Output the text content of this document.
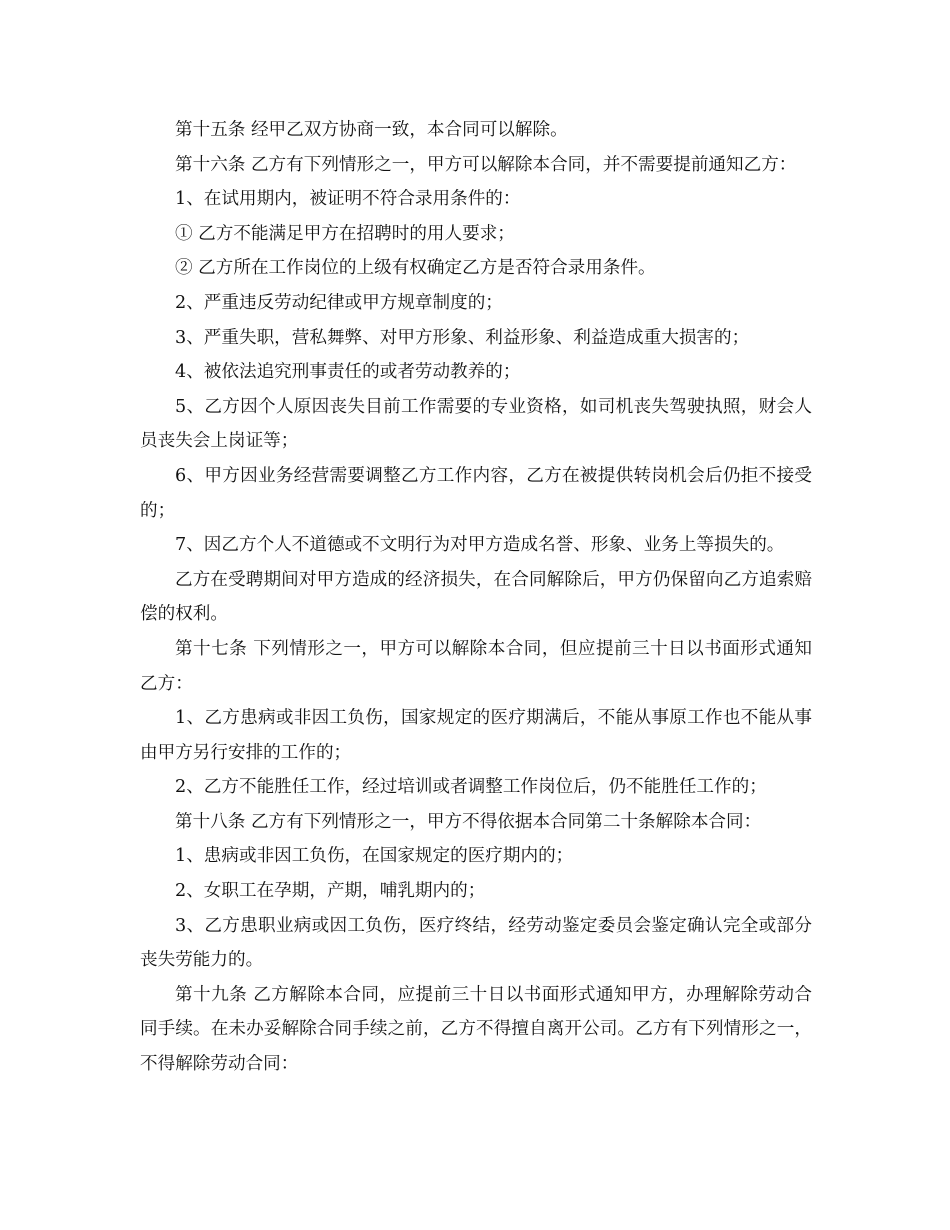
第十五条 经甲乙双方协商一致，本合同可以解除。

第十六条 乙方有下列情形之一，甲方可以解除本合同，并不需要提前通知乙方：

1、在试用期内，被证明不符合录用条件的：

① 乙方不能满足甲方在招聘时的用人要求；

② 乙方所在工作岗位的上级有权确定乙方是否符合录用条件。

2、严重违反劳动纪律或甲方规章制度的；

3、严重失职，营私舞弊、对甲方形象、利益形象、利益造成重大损害的；

4、被依法追究刑事责任的或者劳动教养的；

5、乙方因个人原因丧失目前工作需要的专业资格，如司机丧失驾驶执照，财会人员丧失会上岗证等；

6、甲方因业务经营需要调整乙方工作内容，乙方在被提供转岗机会后仍拒不接受的；

7、因乙方个人不道德或不文明行为对甲方造成名誉、形象、业务上等损失的。

乙方在受聘期间对甲方造成的经济损失，在合同解除后，甲方仍保留向乙方追索赔偿的权利。

第十七条 下列情形之一，甲方可以解除本合同，但应提前三十日以书面形式通知乙方：

1、乙方患病或非因工负伤，国家规定的医疗期满后，不能从事原工作也不能从事由甲方另行安排的工作的；

2、乙方不能胜任工作，经过培训或者调整工作岗位后，仍不能胜任工作的；

第十八条 乙方有下列情形之一，甲方不得依据本合同第二十条解除本合同：

1、患病或非因工负伤，在国家规定的医疗期内的；

2、女职工在孕期，产期，哺乳期内的；

3、乙方患职业病或因工负伤，医疗终结，经劳动鉴定委员会鉴定确认完全或部分丧失劳能力的。

第十九条 乙方解除本合同，应提前三十日以书面形式通知甲方，办理解除劳动合同手续。在未办妥解除合同手续之前，乙方不得擅自离开公司。乙方有下列情形之一，不得解除劳动合同：
